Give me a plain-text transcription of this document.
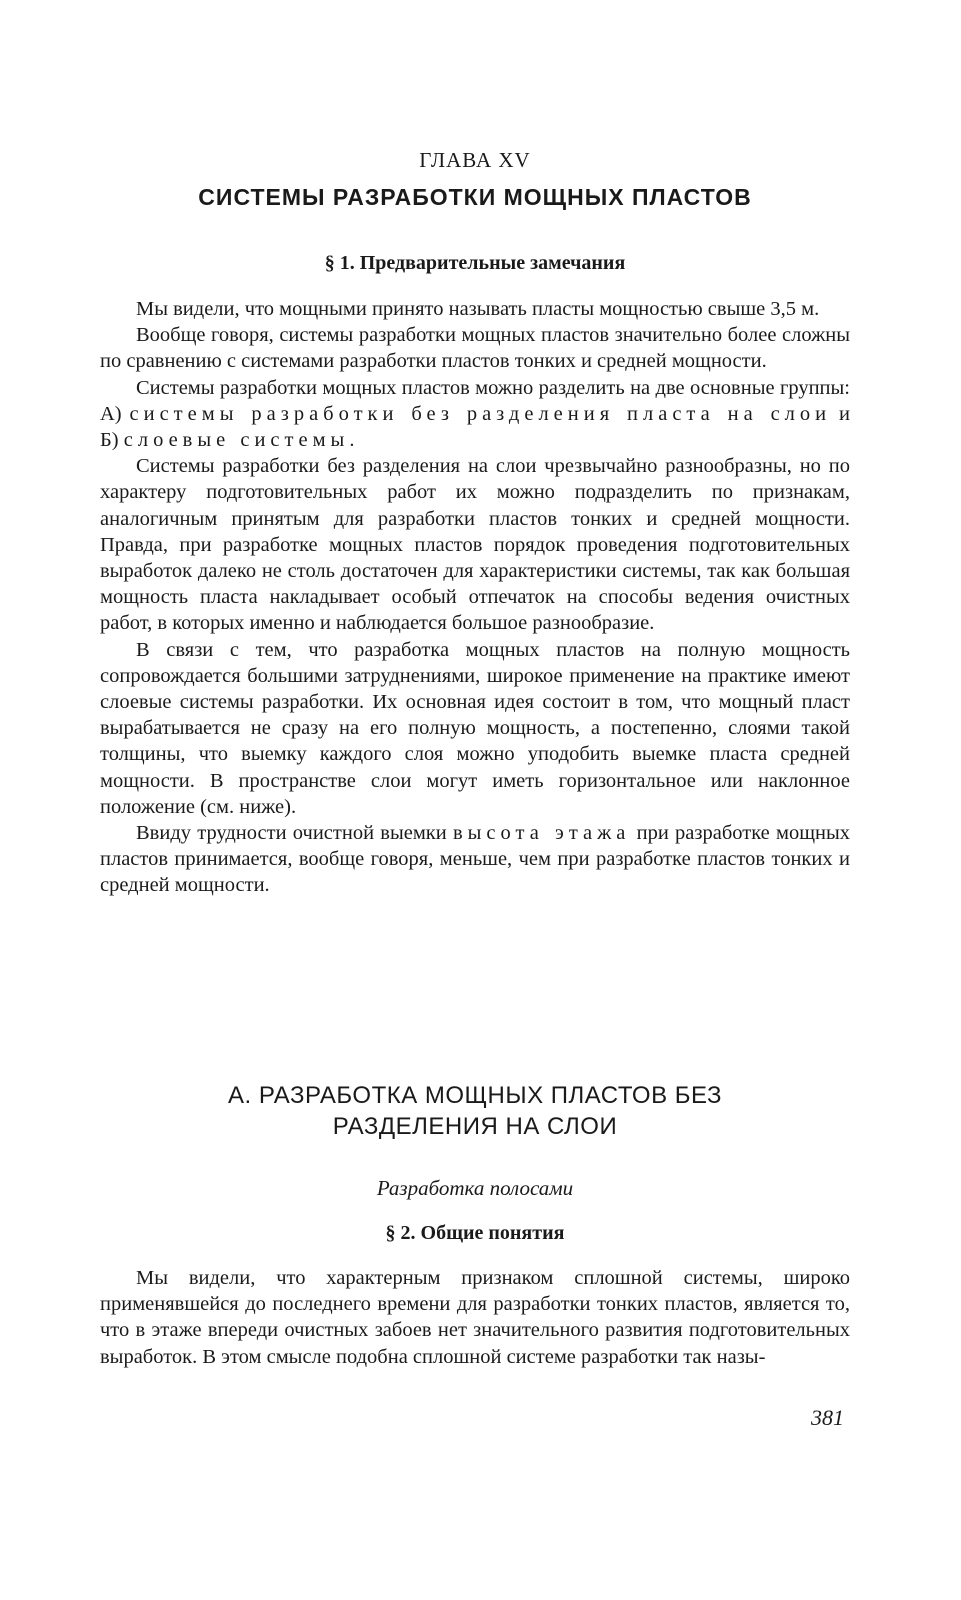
ГЛАВА XV
СИСТЕМЫ РАЗРАБОТКИ МОЩНЫХ ПЛАСТОВ
§ 1. Предварительные замечания

Мы видели, что мощными принято называть пласты мощностью свыше 3,5 м.

Вообще говоря, системы разработки мощных пластов значительно более сложны по сравнению с системами разработки пластов тонких и средней мощности.

Системы разработки мощных пластов можно разделить на две основные группы: А) системы разработки без разделения пласта на слои и Б) слоевые системы.

Системы разработки без разделения на слои чрезвычайно разнообразны, но по характеру подготовительных работ их можно подразделить по признакам, аналогичным принятым для разработки пластов тонких и средней мощности. Правда, при разработке мощных пластов порядок проведения подготовительных выработок далеко не столь достаточен для характеристики системы, так как большая мощность пласта накладывает особый отпечаток на способы ведения очистных работ, в которых именно и наблюдается большое разнообразие.

В связи с тем, что разработка мощных пластов на полную мощность сопровождается большими затруднениями, широкое применение на практике имеют слоевые системы разработки. Их основная идея состоит в том, что мощный пласт вырабатывается не сразу на его полную мощность, а постепенно, слоями такой толщины, что выемку каждого слоя можно уподобить выемке пласта средней мощности. В пространстве слои могут иметь горизонтальное или наклонное положение (см. ниже).

Ввиду трудности очистной выемки высота этажа при разработке мощных пластов принимается, вообще говоря, меньше, чем при разработке пластов тонких и средней мощности.

А. РАЗРАБОТКА МОЩНЫХ ПЛАСТОВ БЕЗ
РАЗДЕЛЕНИЯ НА СЛОИ
Разработка полосами
§ 2. Общие понятия

Мы видели, что характерным признаком сплошной системы, широко применявшейся до последнего времени для разработки тонких пластов, является то, что в этаже впереди очистных забоев нет значительного развития подготовительных выработок. В этом смысле подобна сплошной системе разработки так назы-

381
